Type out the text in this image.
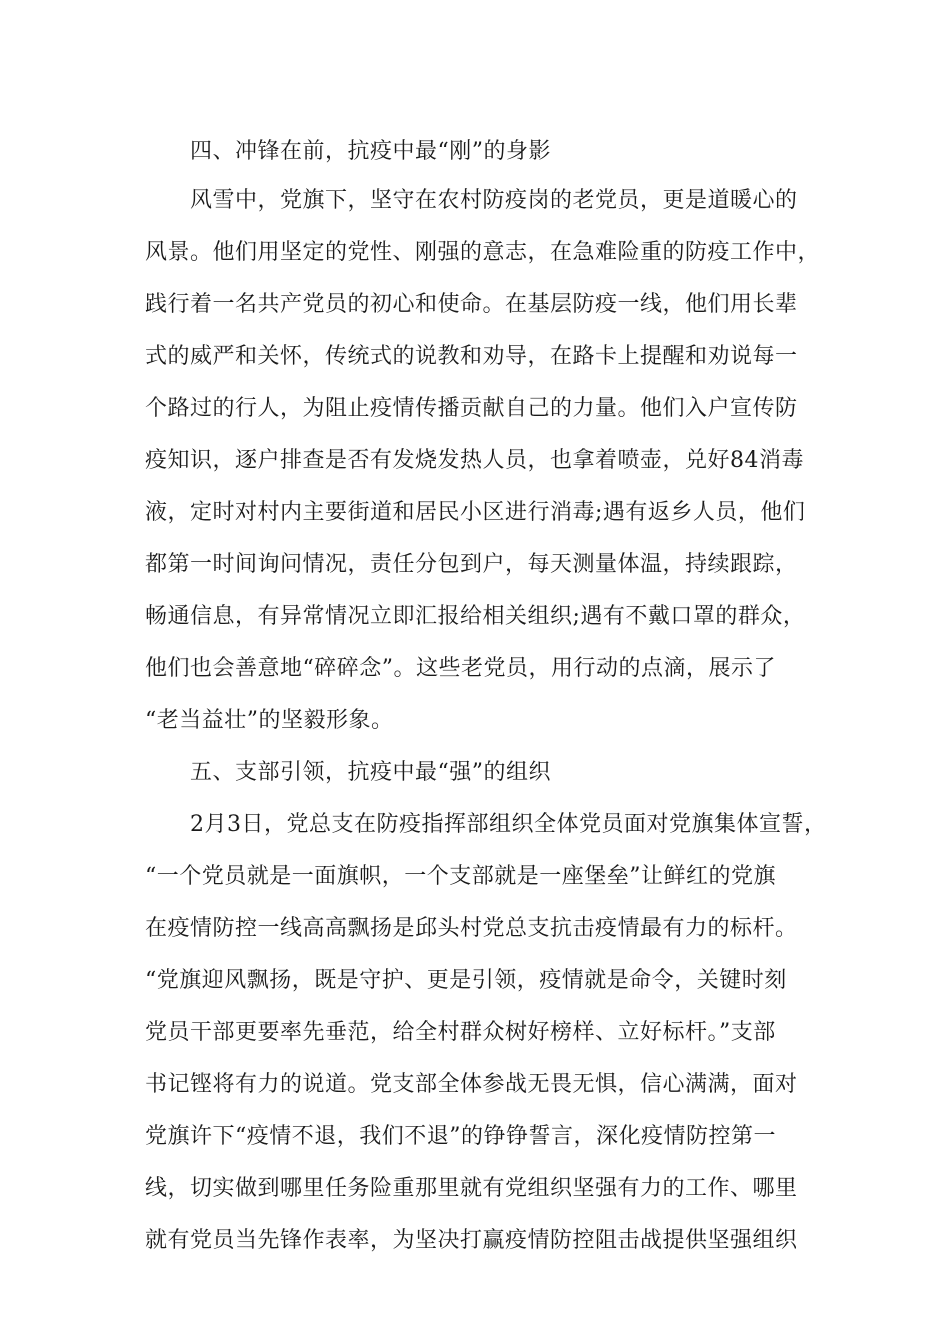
四、冲锋在前，抗疫中最“刚”的身影

风雪中，党旗下，坚守在农村防疫岗的老党员，更是道暖心的

风景。他们用坚定的党性、刚强的意志，在急难险重的防疫工作中，

践行着一名共产党员的初心和使命。在基层防疫一线，他们用长辈

式的威严和关怀，传统式的说教和劝导，在路卡上提醒和劝说每一

个路过的行人，为阻止疫情传播贡献自己的力量。他们入户宣传防

疫知识，逐户排查是否有发烧发热人员，也拿着喷壶，兑好84消毒

液，定时对村内主要街道和居民小区进行消毒;遇有返乡人员，他们

都第一时间询问情况，责任分包到户，每天测量体温，持续跟踪，

畅通信息，有异常情况立即汇报给相关组织;遇有不戴口罩的群众，

他们也会善意地“碎碎念”。这些老党员，用行动的点滴，展示了

“老当益壮”的坚毅形象。

五、支部引领，抗疫中最“强”的组织

2月3日，党总支在防疫指挥部组织全体党员面对党旗集体宣誓，

“一个党员就是一面旗帜，一个支部就是一座堡垒”让鲜红的党旗

在疫情防控一线高高飘扬是邱头村党总支抗击疫情最有力的标杆。

“党旗迎风飘扬，既是守护、更是引领，疫情就是命令，关键时刻

党员干部更要率先垂范，给全村群众树好榜样、立好标杆。”支部

书记铿将有力的说道。党支部全体参战无畏无惧，信心满满，面对

党旗许下“疫情不退，我们不退”的铮铮誓言，深化疫情防控第一

线，切实做到哪里任务险重那里就有党组织坚强有力的工作、哪里

就有党员当先锋作表率，为坚决打赢疫情防控阻击战提供坚强组织
